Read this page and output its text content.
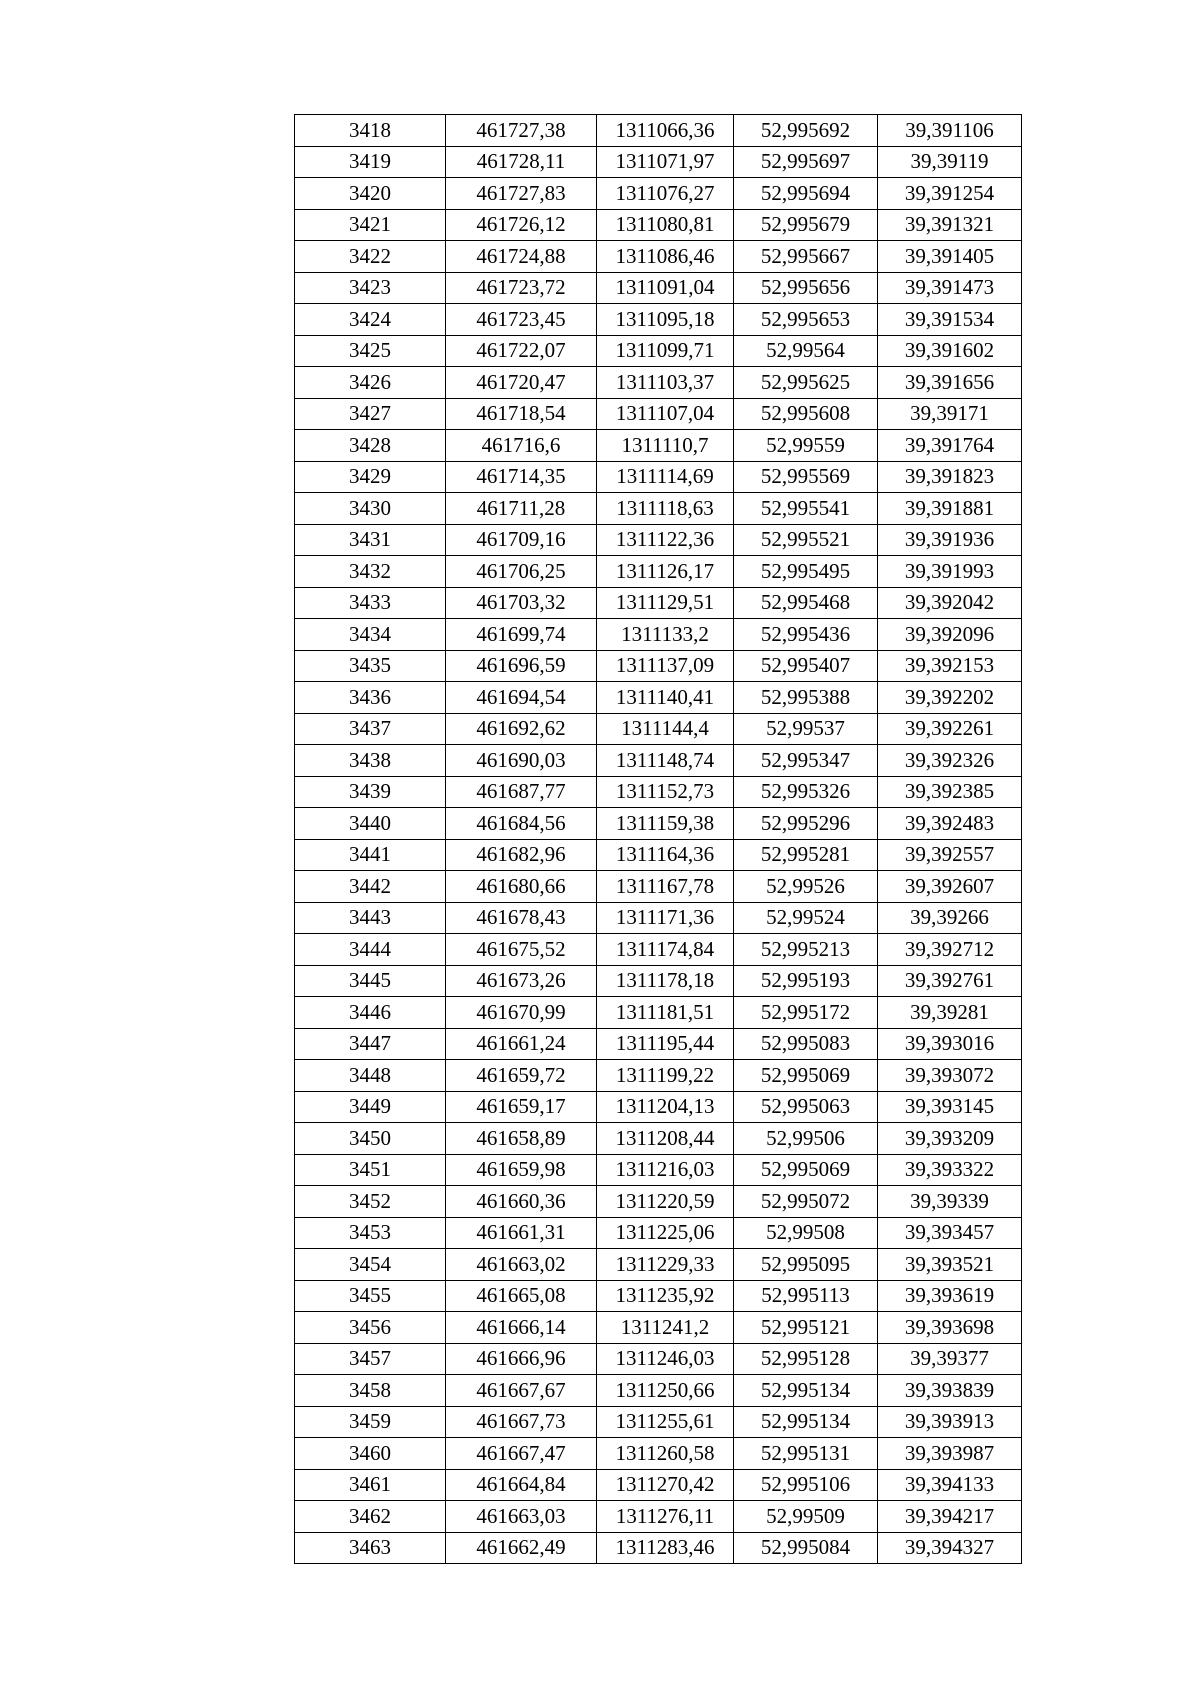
3418	461727,38	1311066,36	52,995692	39,391106
3419	461728,11	1311071,97	52,995697	39,39119
3420	461727,83	1311076,27	52,995694	39,391254
3421	461726,12	1311080,81	52,995679	39,391321
3422	461724,88	1311086,46	52,995667	39,391405
3423	461723,72	1311091,04	52,995656	39,391473
3424	461723,45	1311095,18	52,995653	39,391534
3425	461722,07	1311099,71	52,99564	39,391602
3426	461720,47	1311103,37	52,995625	39,391656
3427	461718,54	1311107,04	52,995608	39,39171
3428	461716,6	1311110,7	52,99559	39,391764
3429	461714,35	1311114,69	52,995569	39,391823
3430	461711,28	1311118,63	52,995541	39,391881
3431	461709,16	1311122,36	52,995521	39,391936
3432	461706,25	1311126,17	52,995495	39,391993
3433	461703,32	1311129,51	52,995468	39,392042
3434	461699,74	1311133,2	52,995436	39,392096
3435	461696,59	1311137,09	52,995407	39,392153
3436	461694,54	1311140,41	52,995388	39,392202
3437	461692,62	1311144,4	52,99537	39,392261
3438	461690,03	1311148,74	52,995347	39,392326
3439	461687,77	1311152,73	52,995326	39,392385
3440	461684,56	1311159,38	52,995296	39,392483
3441	461682,96	1311164,36	52,995281	39,392557
3442	461680,66	1311167,78	52,99526	39,392607
3443	461678,43	1311171,36	52,99524	39,39266
3444	461675,52	1311174,84	52,995213	39,392712
3445	461673,26	1311178,18	52,995193	39,392761
3446	461670,99	1311181,51	52,995172	39,39281
3447	461661,24	1311195,44	52,995083	39,393016
3448	461659,72	1311199,22	52,995069	39,393072
3449	461659,17	1311204,13	52,995063	39,393145
3450	461658,89	1311208,44	52,99506	39,393209
3451	461659,98	1311216,03	52,995069	39,393322
3452	461660,36	1311220,59	52,995072	39,39339
3453	461661,31	1311225,06	52,99508	39,393457
3454	461663,02	1311229,33	52,995095	39,393521
3455	461665,08	1311235,92	52,995113	39,393619
3456	461666,14	1311241,2	52,995121	39,393698
3457	461666,96	1311246,03	52,995128	39,39377
3458	461667,67	1311250,66	52,995134	39,393839
3459	461667,73	1311255,61	52,995134	39,393913
3460	461667,47	1311260,58	52,995131	39,393987
3461	461664,84	1311270,42	52,995106	39,394133
3462	461663,03	1311276,11	52,99509	39,394217
3463	461662,49	1311283,46	52,995084	39,394327
